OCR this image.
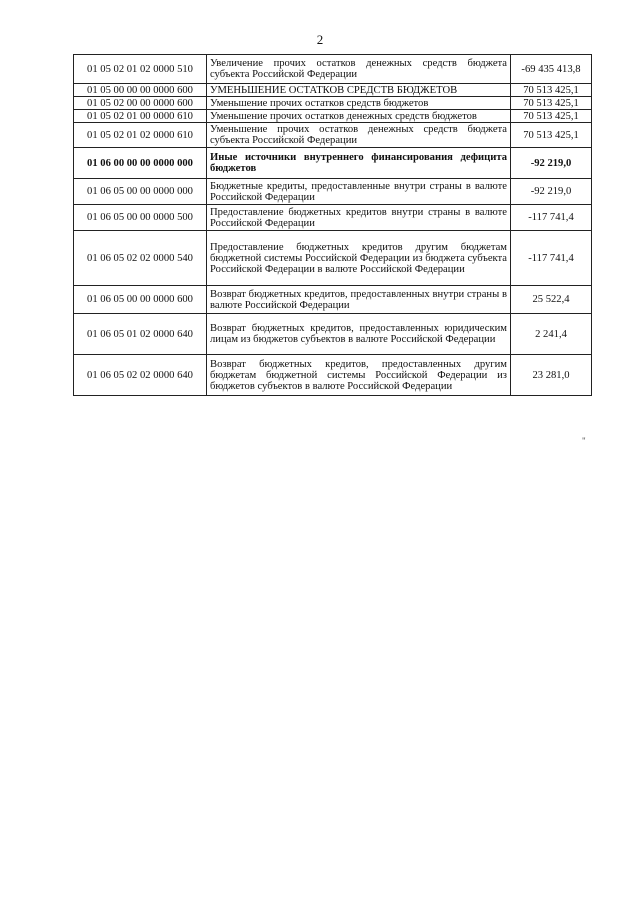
2
01 05 02 01 02 0000 510	Увеличение прочих остатков денежных средств бюджета субъекта Российской Федерации	-69 435 413,8
01 05 00 00 00 0000 600	УМЕНЬШЕНИЕ ОСТАТКОВ СРЕДСТВ БЮДЖЕТОВ	70 513 425,1
01 05 02 00 00 0000 600	Уменьшение прочих остатков средств бюджетов	70 513 425,1
01 05 02 01 00 0000 610	Уменьшение прочих остатков денежных средств бюджетов	70 513 425,1
01 05 02 01 02 0000 610	Уменьшение прочих остатков денежных средств бюджета субъекта Российской Федерации	70 513 425,1
01 06 00 00 00 0000 000	Иные источники внутреннего финансирования дефицита бюджетов	-92 219,0
01 06 05 00 00 0000 000	Бюджетные кредиты, предоставленные внутри страны в валюте Российской Федерации	-92 219,0
01 06 05 00 00 0000 500	Предоставление бюджетных кредитов внутри страны в валюте Российской Федерации	-117 741,4
01 06 05 02 02 0000 540	Предоставление бюджетных кредитов другим бюджетам бюджетной системы Российской Федерации из бюджета субъекта Российской Федерации в валюте Российской Федерации	-117 741,4
01 06 05 00 00 0000 600	Возврат бюджетных кредитов, предоставленных внутри страны в валюте Российской Федерации	25 522,4
01 06 05 01 02 0000 640	Возврат бюджетных кредитов, предоставленных юридическим лицам из бюджетов субъектов в валюте Российской Федерации	2 241,4
01 06 05 02 02 0000 640	Возврат бюджетных кредитов, предоставленных другим бюджетам бюджетной системы Российской Федерации из бюджетов субъектов в валюте Российской Федерации	23 281,0
"
